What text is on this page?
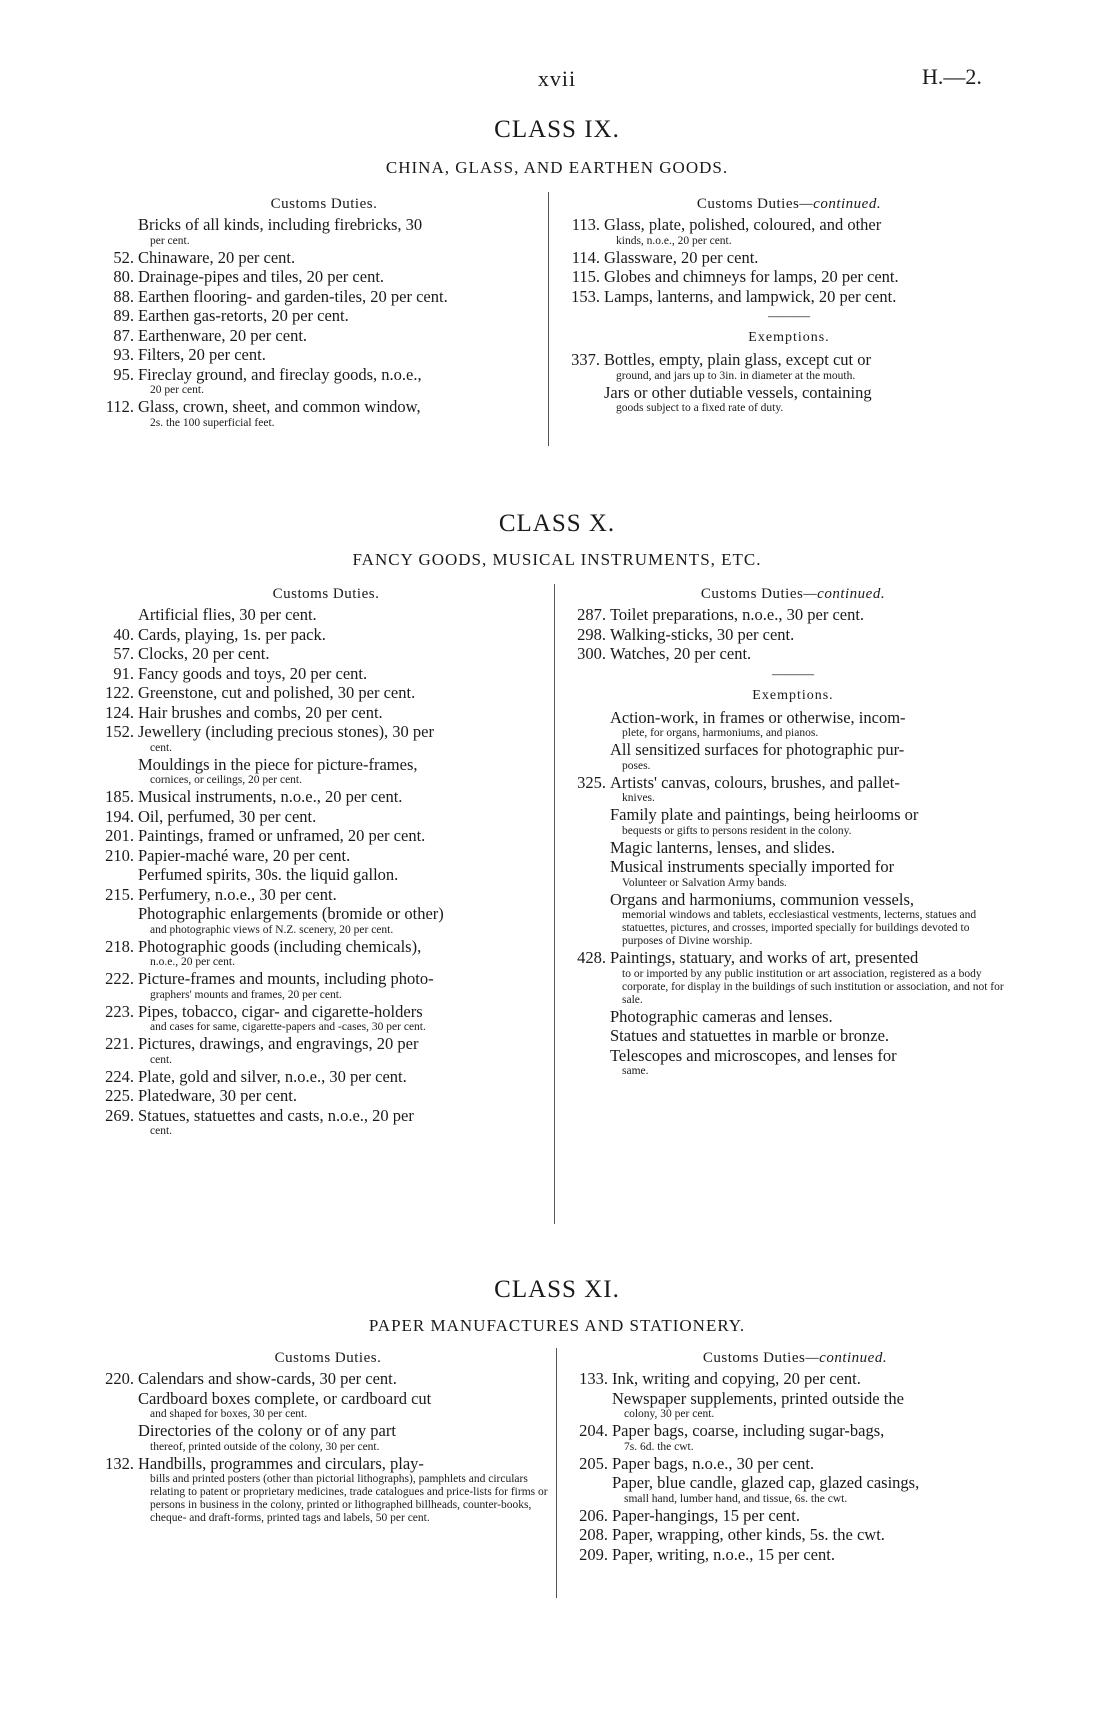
xvii	H.—2.
CLASS IX.
CHINA, GLASS, AND EARTHEN GOODS.
Customs Duties.
Bricks of all kinds, including firebricks, 30
per cent.
52. Chinaware, 20 per cent.
80. Drainage-pipes and tiles, 20 per cent.
88. Earthen flooring- and garden-tiles, 20 per cent.
89. Earthen gas-retorts, 20 per cent.
87. Earthenware, 20 per cent.
93. Filters, 20 per cent.
95. Fireclay ground, and fireclay goods, n.o.e.,
20 per cent.
112. Glass, crown, sheet, and common window,
2s. the 100 superficial feet.
Customs Duties—continued.
113. Glass, plate, polished, coloured, and other
kinds, n.o.e., 20 per cent.
114. Glassware, 20 per cent.
115. Globes and chimneys for lamps, 20 per cent.
153. Lamps, lanterns, and lampwick, 20 per cent.
———
Exemptions.
337. Bottles, empty, plain glass, except cut or
ground, and jars up to 3in. in diameter at the mouth.
Jars or other dutiable vessels, containing
goods subject to a fixed rate of duty.
CLASS X.
FANCY GOODS, MUSICAL INSTRUMENTS, ETC.
Customs Duties.
Artificial flies, 30 per cent.
40. Cards, playing, 1s. per pack.
57. Clocks, 20 per cent.
91. Fancy goods and toys, 20 per cent.
122. Greenstone, cut and polished, 30 per cent.
124. Hair brushes and combs, 20 per cent.
152. Jewellery (including precious stones), 30 per
cent.
Mouldings in the piece for picture-frames,
cornices, or ceilings, 20 per cent.
185. Musical instruments, n.o.e., 20 per cent.
194. Oil, perfumed, 30 per cent.
201. Paintings, framed or unframed, 20 per cent.
210. Papier-maché ware, 20 per cent.
Perfumed spirits, 30s. the liquid gallon.
215. Perfumery, n.o.e., 30 per cent.
Photographic enlargements (bromide or other)
and photographic views of N.Z. scenery, 20 per cent.
218. Photographic goods (including chemicals),
n.o.e., 20 per cent.
222. Picture-frames and mounts, including photo-
graphers' mounts and frames, 20 per cent.
223. Pipes, tobacco, cigar- and cigarette-holders
and cases for same, cigarette-papers and -cases, 30 per cent.
221. Pictures, drawings, and engravings, 20 per
cent.
224. Plate, gold and silver, n.o.e., 30 per cent.
225. Platedware, 30 per cent.
269. Statues, statuettes and casts, n.o.e., 20 per
cent.
Customs Duties—continued.
287. Toilet preparations, n.o.e., 30 per cent.
298. Walking-sticks, 30 per cent.
300. Watches, 20 per cent.
———
Exemptions.
Action-work, in frames or otherwise, incom-
plete, for organs, harmoniums, and pianos.
All sensitized surfaces for photographic pur-
poses.
325. Artists' canvas, colours, brushes, and pallet-
knives.
Family plate and paintings, being heirlooms or
bequests or gifts to persons resident in the colony.
Magic lanterns, lenses, and slides.
Musical instruments specially imported for
Volunteer or Salvation Army bands.
Organs and harmoniums, communion vessels,
memorial windows and tablets, ecclesiastical vestments, lecterns, statues and statuettes, pictures, and crosses, imported specially for buildings devoted to purposes of Divine worship.
428. Paintings, statuary, and works of art, presented
to or imported by any public institution or art association, registered as a body corporate, for display in the buildings of such institution or association, and not for sale.
Photographic cameras and lenses.
Statues and statuettes in marble or bronze.
Telescopes and microscopes, and lenses for
same.
CLASS XI.
PAPER MANUFACTURES AND STATIONERY.
Customs Duties.
220. Calendars and show-cards, 30 per cent.
Cardboard boxes complete, or cardboard cut
and shaped for boxes, 30 per cent.
Directories of the colony or of any part
thereof, printed outside of the colony, 30 per cent.
132. Handbills, programmes and circulars, play-
bills and printed posters (other than pictorial lithographs), pamphlets and circulars relating to patent or proprietary medicines, trade catalogues and price-lists for firms or persons in business in the colony, printed or lithographed billheads, counter-books, cheque- and draft-forms, printed tags and labels, 50 per cent.
Customs Duties—continued.
133. Ink, writing and copying, 20 per cent.
Newspaper supplements, printed outside the
colony, 30 per cent.
204. Paper bags, coarse, including sugar-bags,
7s. 6d. the cwt.
205. Paper bags, n.o.e., 30 per cent.
Paper, blue candle, glazed cap, glazed casings,
small hand, lumber hand, and tissue, 6s. the cwt.
206. Paper-hangings, 15 per cent.
208. Paper, wrapping, other kinds, 5s. the cwt.
209. Paper, writing, n.o.e., 15 per cent.
